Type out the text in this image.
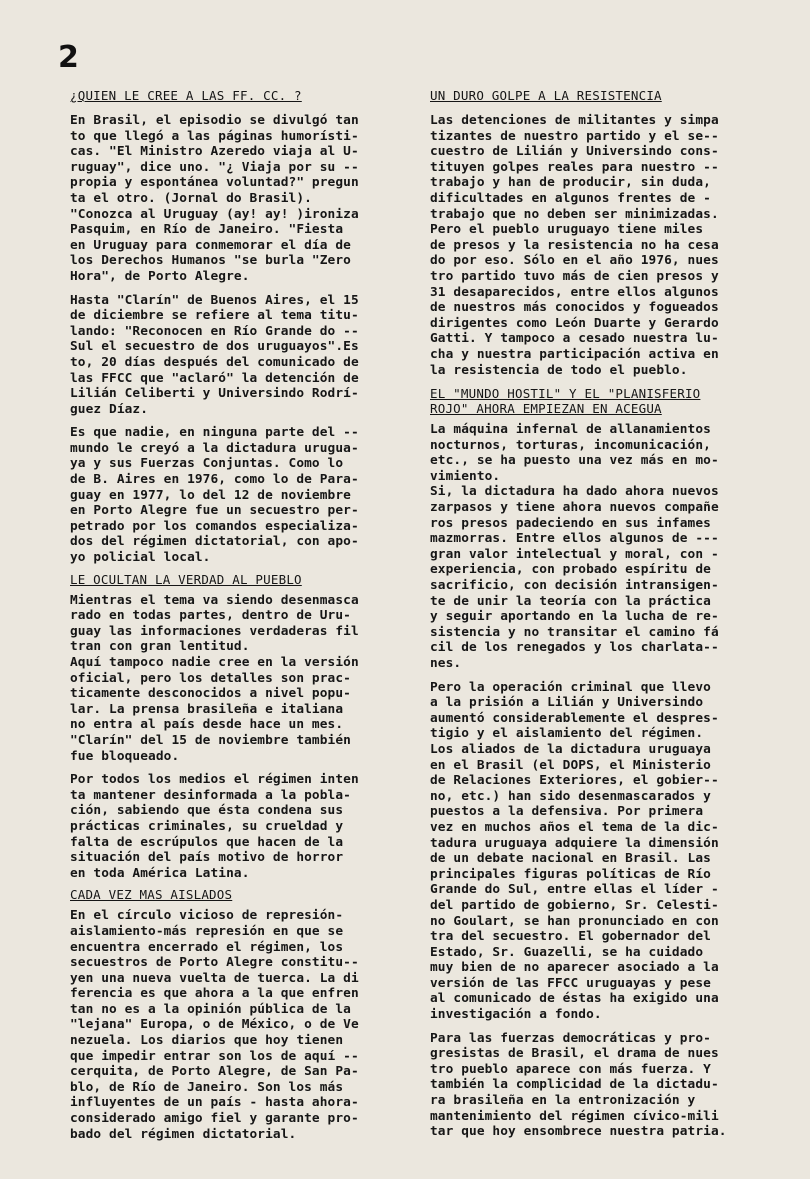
2
¿QUIEN LE CREE A LAS FF. CC. ?
En Brasil, el episodio se divulgó tan
to que llegó a las páginas humorísti-
cas. "El Ministro Azeredo viaja al U-
ruguay", dice uno. "¿ Viaja por su --
propia y espontánea voluntad?" pregun
ta el otro. (Jornal do Brasil).
"Conozca al Uruguay (ay! ay! )ironiza
Pasquim, en Río de Janeiro. "Fiesta
en Uruguay para conmemorar el día de
los Derechos Humanos "se burla "Zero
Hora", de Porto Alegre.
Hasta "Clarín" de Buenos Aires, el 15
de diciembre se refiere al tema titu-
lando: "Reconocen en Río Grande do --
Sul el secuestro de dos uruguayos".Es
to, 20 días después del comunicado de
las FFCC que "aclaró" la detención de
Lilián Celiberti y Universindo Rodrí-
guez Díaz.
Es que nadie, en ninguna parte del --
mundo le creyó a la dictadura urugua-
ya y sus Fuerzas Conjuntas. Como lo
de B. Aires en 1976, como lo de Para-
guay en 1977, lo del 12 de noviembre
en Porto Alegre fue un secuestro per-
petrado por los comandos especializa-
dos del régimen dictatorial, con apo-
yo policial local.
LE OCULTAN LA VERDAD AL PUEBLO
Mientras el tema va siendo desenmasca
rado en todas partes, dentro de Uru-
guay las informaciones verdaderas fil
tran con gran lentitud.
Aquí tampoco nadie cree en la versión
oficial, pero los detalles son prac-
ticamente desconocidos a nivel popu-
lar. La prensa brasileña e italiana
no entra al país desde hace un mes.
"Clarín" del 15 de noviembre también
fue bloqueado.
Por todos los medios el régimen inten
ta mantener desinformada a la pobla-
ción, sabiendo que ésta condena sus
prácticas criminales, su crueldad y
falta de escrúpulos que hacen de la
situación del país motivo de horror
en toda América Latina.
CADA VEZ MAS AISLADOS
En el círculo vicioso de represión-
aislamiento-más represión en que se
encuentra encerrado el régimen, los
secuestros de Porto Alegre constitu--
yen una nueva vuelta de tuerca. La di
ferencia es que ahora a la que enfren
tan no es a la opinión pública de la
"lejana" Europa, o de México, o de Ve
nezuela. Los diarios que hoy tienen
que impedir entrar son los de aquí --
cerquita, de Porto Alegre, de San Pa-
blo, de Río de Janeiro. Son los más
influyentes de un país - hasta ahora-
considerado amigo fiel y garante pro-
bado del régimen dictatorial.
UN DURO GOLPE A LA RESISTENCIA
Las detenciones de militantes y simpa
tizantes de nuestro partido y el se--
cuestro de Lilián y Universindo cons-
tituyen golpes reales para nuestro --
trabajo y han de producir, sin duda,
dificultades en algunos frentes de -
trabajo que no deben ser minimizadas.
Pero el pueblo uruguayo tiene miles
de presos y la resistencia no ha cesa
do por eso. Sólo en el año 1976, nues
tro partido tuvo más de cien presos y
31 desaparecidos, entre ellos algunos
de nuestros más conocidos y fogueados
dirigentes como León Duarte y Gerardo
Gatti. Y tampoco a cesado nuestra lu-
cha y nuestra participación activa en
la resistencia de todo el pueblo.
EL "MUNDO HOSTIL" Y EL "PLANISFERIO
ROJO" AHORA EMPIEZAN EN ACEGUA
La máquina infernal de allanamientos
nocturnos, torturas, incomunicación,
etc., se ha puesto una vez más en mo-
vimiento.
Si, la dictadura ha dado ahora nuevos
zarpasos y tiene ahora nuevos compañe
ros presos padeciendo en sus infames
mazmorras. Entre ellos algunos de ---
gran valor intelectual y moral, con -
experiencia, con probado espíritu de
sacrificio, con decisión intransigen-
te de unir la teoría con la práctica
y seguir aportando en la lucha de re-
sistencia y no transitar el camino fá
cil de los renegados y los charlata--
nes.
Pero la operación criminal que llevo
a la prisión a Lilián y Universindo
aumentó considerablemente el despres-
tigio y el aislamiento del régimen.
Los aliados de la dictadura uruguaya
en el Brasil (el DOPS, el Ministerio
de Relaciones Exteriores, el gobier--
no, etc.) han sido desenmascarados y
puestos a la defensiva. Por primera
vez en muchos años el tema de la dic-
tadura uruguaya adquiere la dimensión
de un debate nacional en Brasil. Las
principales figuras políticas de Río
Grande do Sul, entre ellas el líder -
del partido de gobierno, Sr. Celesti-
no Goulart, se han pronunciado en con
tra del secuestro. El gobernador del
Estado, Sr. Guazelli, se ha cuidado
muy bien de no aparecer asociado a la
versión de las FFCC uruguayas y pese
al comunicado de éstas ha exigido una
investigación a fondo.
Para las fuerzas democráticas y pro-
gresistas de Brasil, el drama de nues
tro pueblo aparece con más fuerza. Y
también la complicidad de la dictadu-
ra brasileña en la entronización y
mantenimiento del régimen cívico-mili
tar que hoy ensombrece nuestra patria.
